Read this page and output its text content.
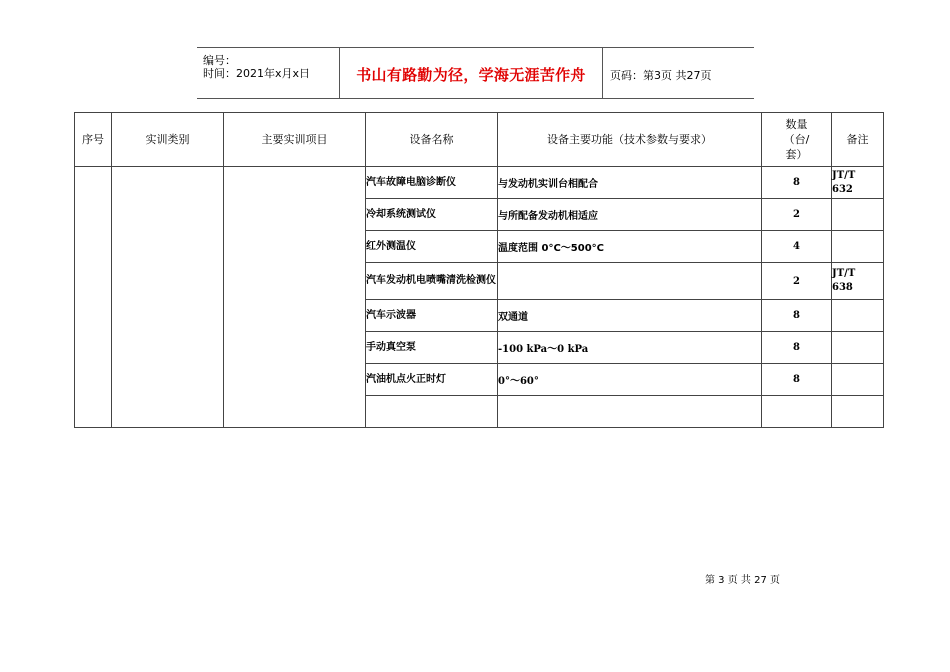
编号：
时间：2021年x月x日	书山有路勤为径，学海无涯苦作舟	页码：第3页 共27页
序号	实训类别	主要实训项目	设备名称	设备主要功能（技术参数与要求）	数量（台/套）	备注
			汽车故障电脑诊断仪	与发动机实训台相配合	8	JT/T 632

			冷却系统测试仪	与所配备发动机相适应	2	
			红外测温仪	温度范围 0°C～500°C	4	
			汽车发动机电喷嘴清洗检测仪		2	JT/T 638

			汽车示波器	双通道	8	
			手动真空泵	-100 kPa～0 kPa	8	
			汽油机点火正时灯	0°～60°	8	

第 3 页 共 27 页
